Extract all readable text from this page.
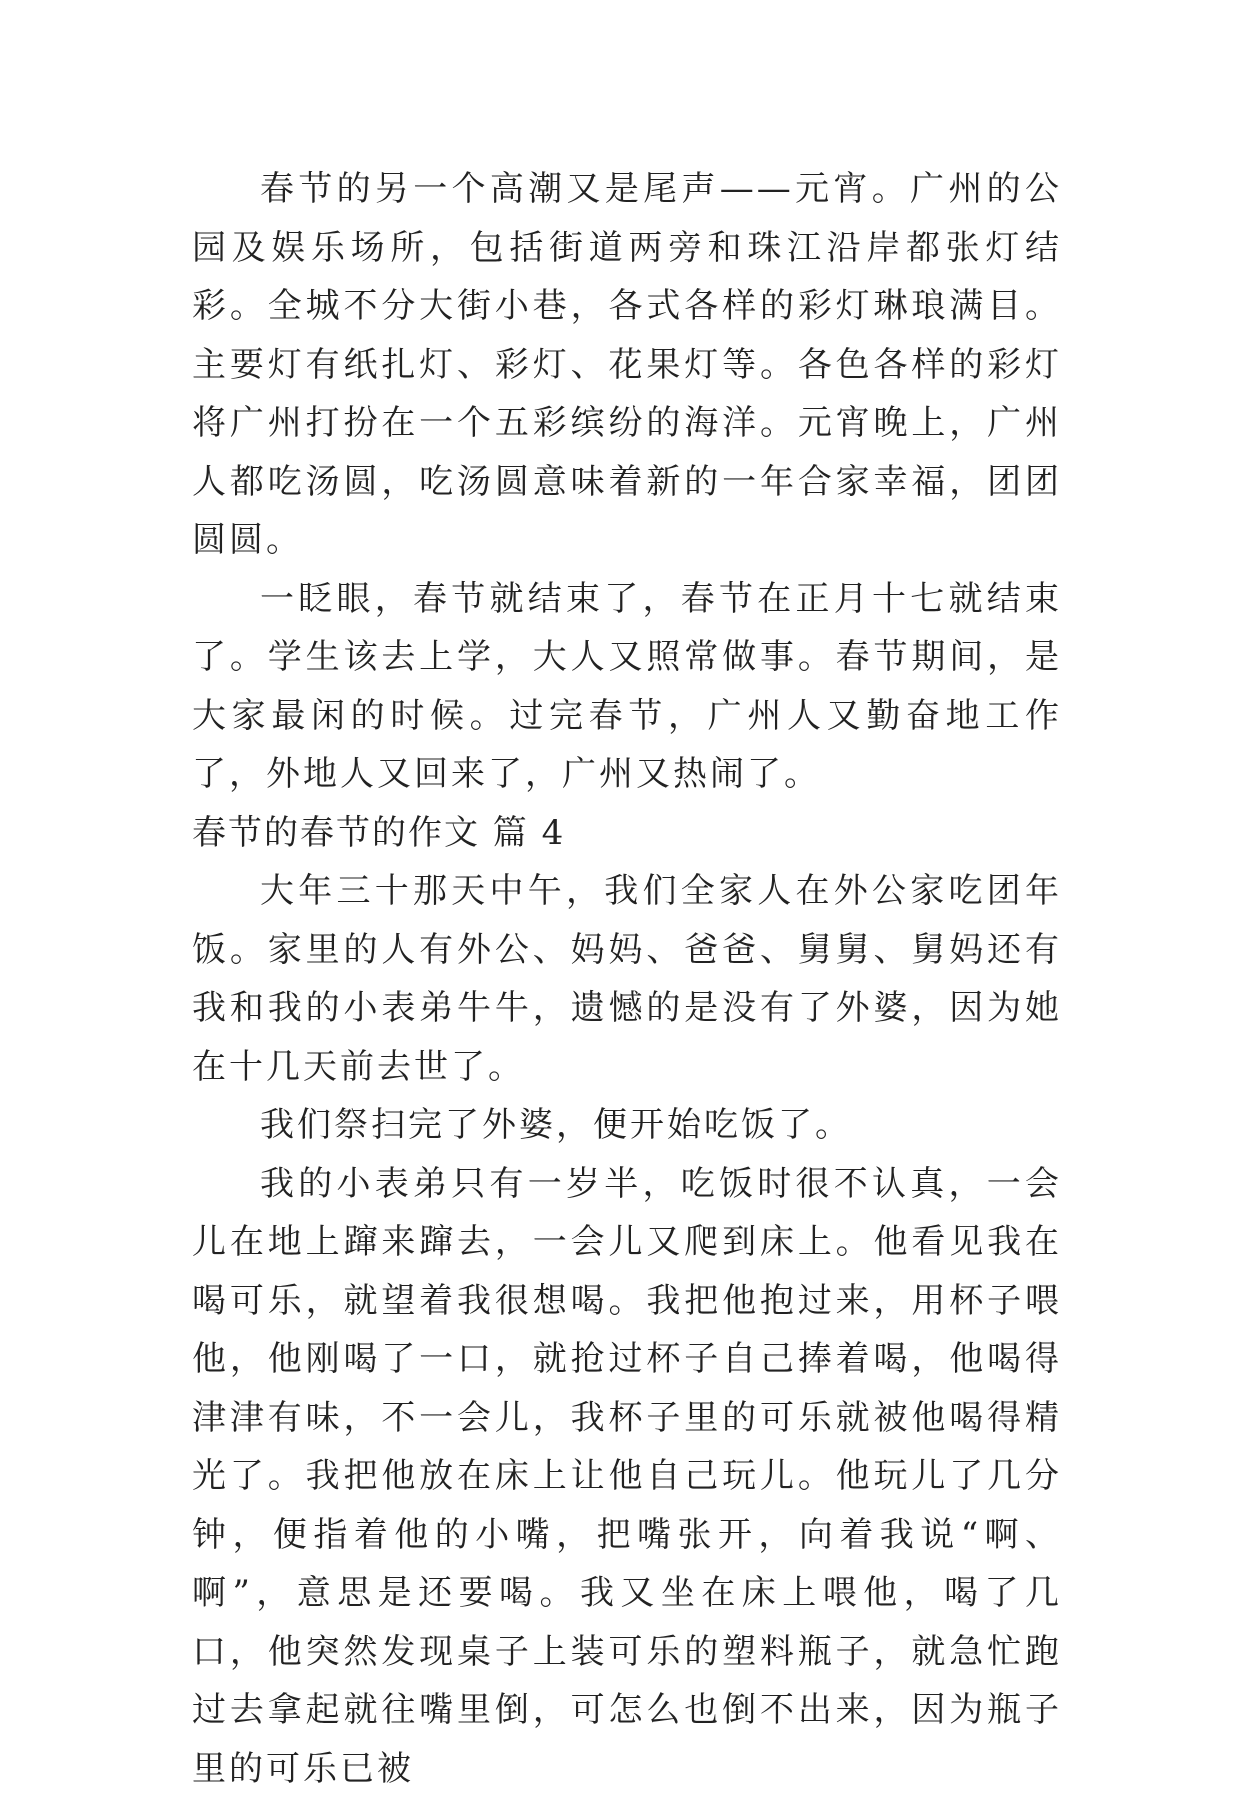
春节的另一个高潮又是尾声——元宵。广州的公园及娱乐场所，包括街道两旁和珠江沿岸都张灯结彩。全城不分大街小巷，各式各样的彩灯琳琅满目。主要灯有纸扎灯、彩灯、花果灯等。各色各样的彩灯将广州打扮在一个五彩缤纷的海洋。元宵晚上，广州人都吃汤圆，吃汤圆意味着新的一年合家幸福，团团圆圆。

一眨眼，春节就结束了，春节在正月十七就结束了。学生该去上学，大人又照常做事。春节期间，是大家最闲的时候。过完春节，广州人又勤奋地工作了，外地人又回来了，广州又热闹了。

春节的春节的作文 篇 4

大年三十那天中午，我们全家人在外公家吃团年饭。家里的人有外公、妈妈、爸爸、舅舅、舅妈还有我和我的小表弟牛牛，遗憾的是没有了外婆，因为她在十几天前去世了。

我们祭扫完了外婆，便开始吃饭了。

我的小表弟只有一岁半，吃饭时很不认真，一会儿在地上蹿来蹿去，一会儿又爬到床上。他看见我在喝可乐，就望着我很想喝。我把他抱过来，用杯子喂他，他刚喝了一口，就抢过杯子自己捧着喝，他喝得津津有味，不一会儿，我杯子里的可乐就被他喝得精光了。我把他放在床上让他自己玩儿。他玩儿了几分钟，便指着他的小嘴，把嘴张开，向着我说“啊、啊”，意思是还要喝。我又坐在床上喂他，喝了几口，他突然发现桌子上装可乐的塑料瓶子，就急忙跑过去拿起就往嘴里倒，可怎么也倒不出来，因为瓶子里的可乐已被
